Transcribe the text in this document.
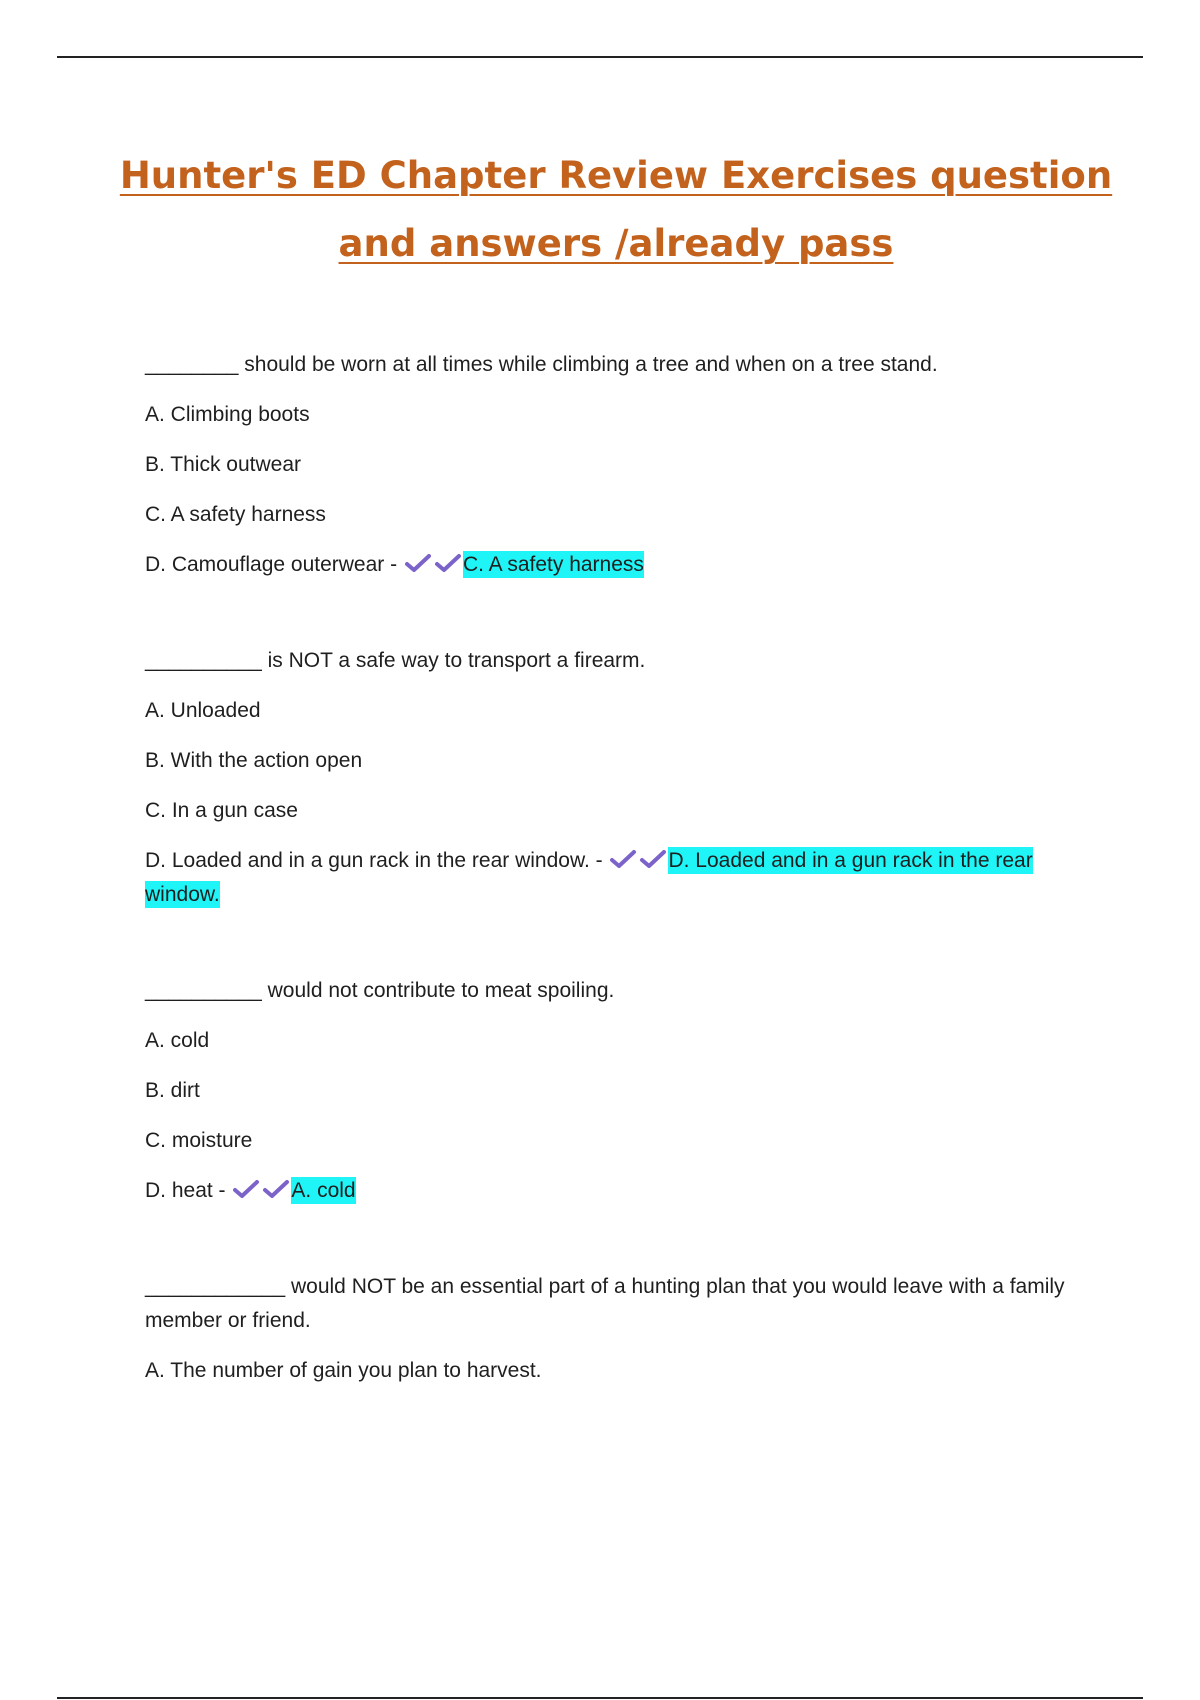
Hunter's ED Chapter Review Exercises question
and answers /already pass

________ should be worn at all times while climbing a tree and when on a tree stand.

A. Climbing boots

B. Thick outwear

C. A safety harness

D. Camouflage outerwear -	C. A safety harness

__________ is NOT a safe way to transport a firearm.

A. Unloaded

B. With the action open

C. In a gun case

D. Loaded and in a gun rack in the rear window. -	D. Loaded and in a gun rack in the rear window.

__________ would not contribute to meat spoiling.

A. cold

B. dirt

C. moisture

D. heat -	A. cold

____________ would NOT be an essential part of a hunting plan that you would leave with a family member or friend.

A. The number of gain you plan to harvest.
